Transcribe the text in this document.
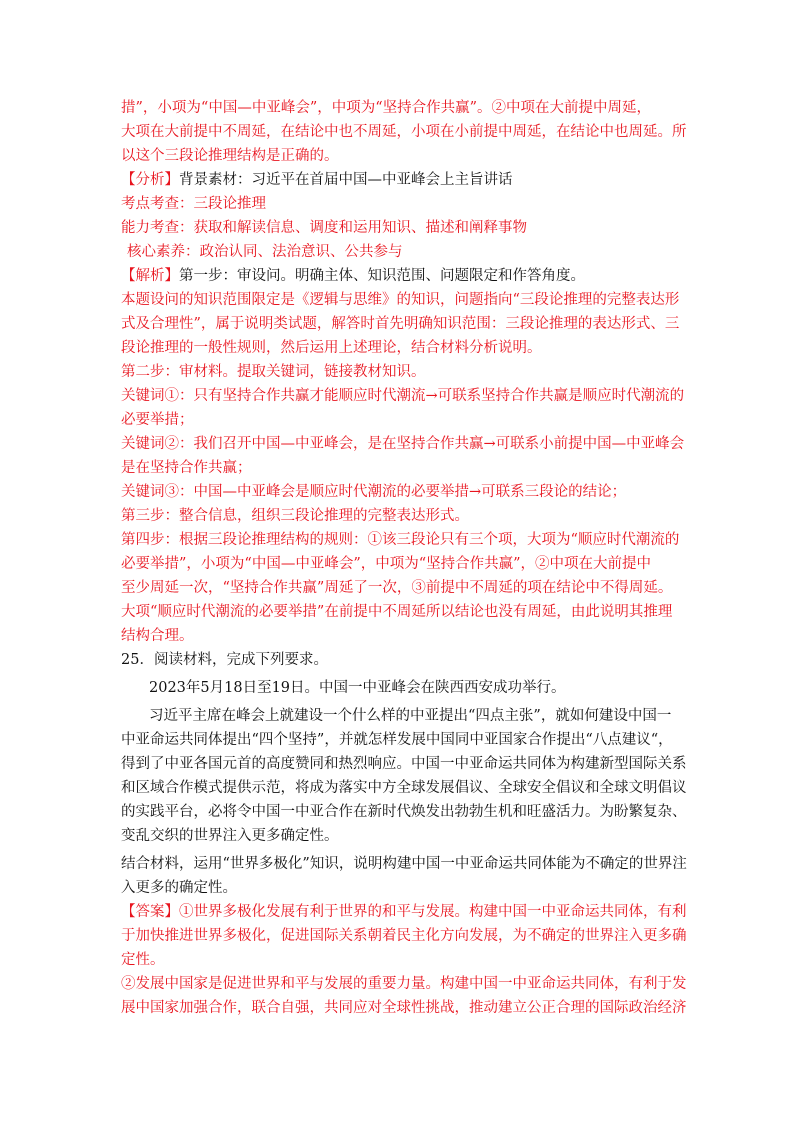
措”，小项为“中国—中亚峰会”，中项为“坚持合作共赢”。②中项在大前提中周延，
大项在大前提中不周延，在结论中也不周延，小项在小前提中周延，在结论中也周延。所
以这个三段论推理结构是正确的。
【分析】背景素材：习近平在首届中国—中亚峰会上主旨讲话
考点考查：三段论推理
能力考查：获取和解读信息、调度和运用知识、描述和阐释事物
核心素养：政治认同、法治意识、公共参与
【解析】第一步：审设问。明确主体、知识范围、问题限定和作答角度。
本题设问的知识范围限定是《逻辑与思维》的知识，问题指向“三段论推理的完整表达形
式及合理性”，属于说明类试题，解答时首先明确知识范围：三段论推理的表达形式、三
段论推理的一般性规则，然后运用上述理论，结合材料分析说明。
第二步：审材料。提取关键词，链接教材知识。
关键词①：只有坚持合作共赢才能顺应时代潮流→可联系坚持合作共赢是顺应时代潮流的
必要举措；
关键词②：我们召开中国—中亚峰会，是在坚持合作共赢→可联系小前提中国—中亚峰会
是在坚持合作共赢；
关键词③：中国—中亚峰会是顺应时代潮流的必要举措→可联系三段论的结论；
第三步：整合信息，组织三段论推理的完整表达形式。
第四步：根据三段论推理结构的规则：①该三段论只有三个项，大项为“顺应时代潮流的
必要举措”，小项为“中国—中亚峰会”，中项为“坚持合作共赢”，②中项在大前提中
至少周延一次，“坚持合作共赢”周延了一次，③前提中不周延的项在结论中不得周延。
大项“顺应时代潮流的必要举措”在前提中不周延所以结论也没有周延，由此说明其推理
结构合理。
25．阅读材料，完成下列要求。
2023年5月18日至19日。中国一中亚峰会在陕西西安成功举行。
习近平主席在峰会上就建设一个什么样的中亚提出“四点主张”，就如何建设中国一
中亚命运共同体提出“四个坚持”，并就怎样发展中国同中亚国家合作提出“八点建议“，
得到了中亚各国元首的高度赞同和热烈响应。中国一中亚命运共同体为构建新型国际关系
和区域合作模式提供示范，将成为落实中方全球发展倡议、全球安全倡议和全球文明倡议
的实践平台，必将令中国一中亚合作在新时代焕发出勃勃生机和旺盛活力。为盼繁复杂、
变乱交织的世界注入更多确定性。
结合材料，运用“世界多极化”知识，说明构建中国一中亚命运共同体能为不确定的世界注
入更多的确定性。
【答案】①世界多极化发展有利于世界的和平与发展。构建中国一中亚命运共同体，有利
于加快推进世界多极化，促进国际关系朝着民主化方向发展，为不确定的世界注入更多确
定性。
②发展中国家是促进世界和平与发展的重要力量。构建中国一中亚命运共同体，有利于发
展中国家加强合作，联合自强，共同应对全球性挑战，推动建立公正合理的国际政治经济
